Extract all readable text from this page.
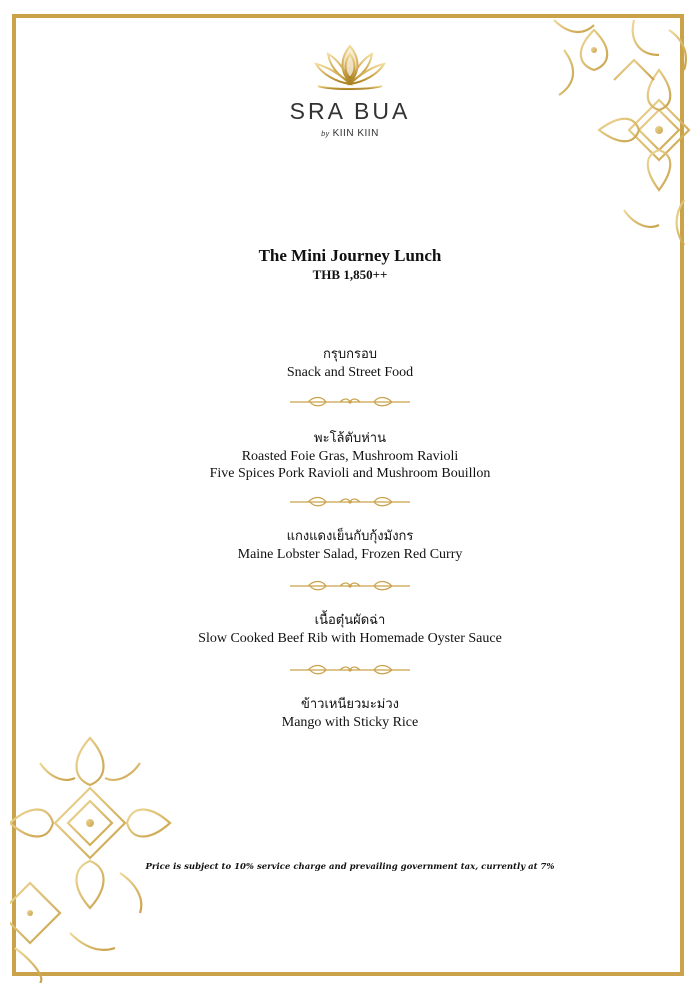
SRA BUA
by KIIN KIIN
The Mini Journey Lunch
THB 1,850++
กรุบกรอบ
Snack and Street Food
พะโล้ตับห่าน
Roasted Foie Gras, Mushroom Ravioli
Five Spices Pork Ravioli and Mushroom Bouillon
แกงแดงเย็นกับกุ้งมังกร
Maine Lobster Salad, Frozen Red Curry
เนื้อตุ๋นผัดฉ่า
Slow Cooked Beef Rib with Homemade Oyster Sauce
ข้าวเหนียวมะม่วง
Mango with Sticky Rice
Price is subject to 10% service charge and prevailing government tax, currently at 7%
